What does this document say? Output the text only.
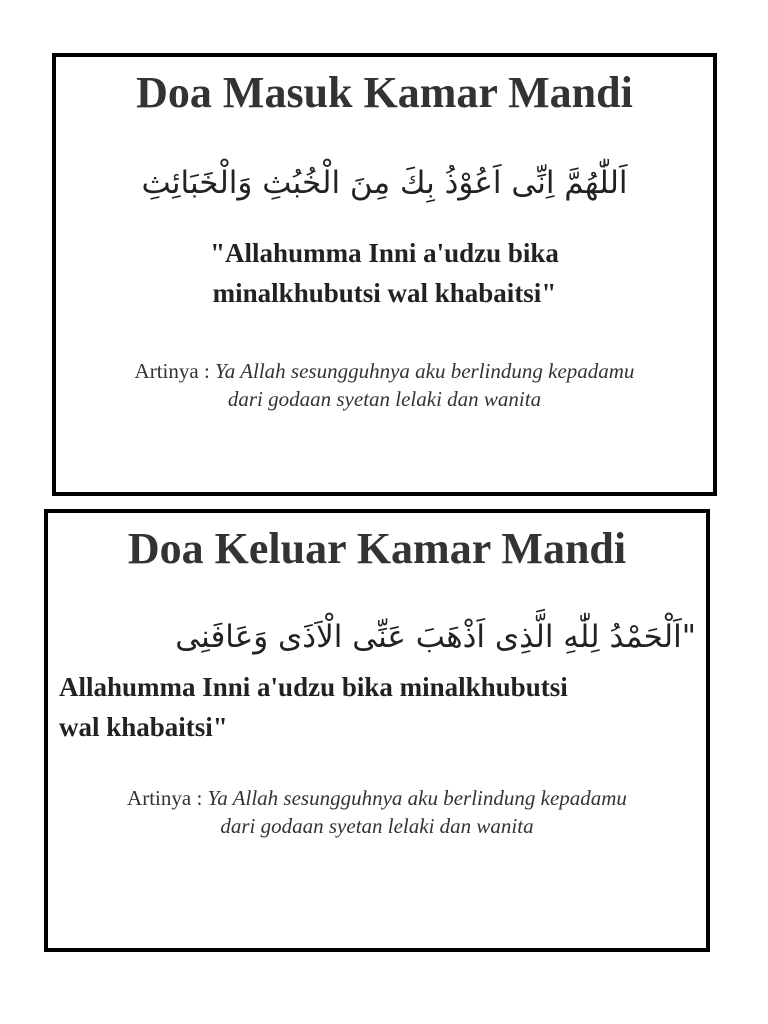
Doa Masuk Kamar Mandi
اَللّٰهُمَّ اِنِّى اَعُوْذُ بِكَ مِنَ الْخُبُثِ وَالْخَبَائِثِ

"Allahumma Inni a'udzu bika
minalkhubutsi wal khabaitsi"

Artinya : Ya Allah sesungguhnya aku berlindung kepadamu
dari godaan syetan lelaki dan wanita

Doa Keluar Kamar Mandi
"اَلْحَمْدُ لِلّٰهِ الَّذِى اَذْهَبَ عَنِّى الْاَذَى وَعَافَنِى

Allahumma Inni a'udzu bika minalkhubutsi
wal khabaitsi"

Artinya : Ya Allah sesungguhnya aku berlindung kepadamu
dari godaan syetan lelaki dan wanita
